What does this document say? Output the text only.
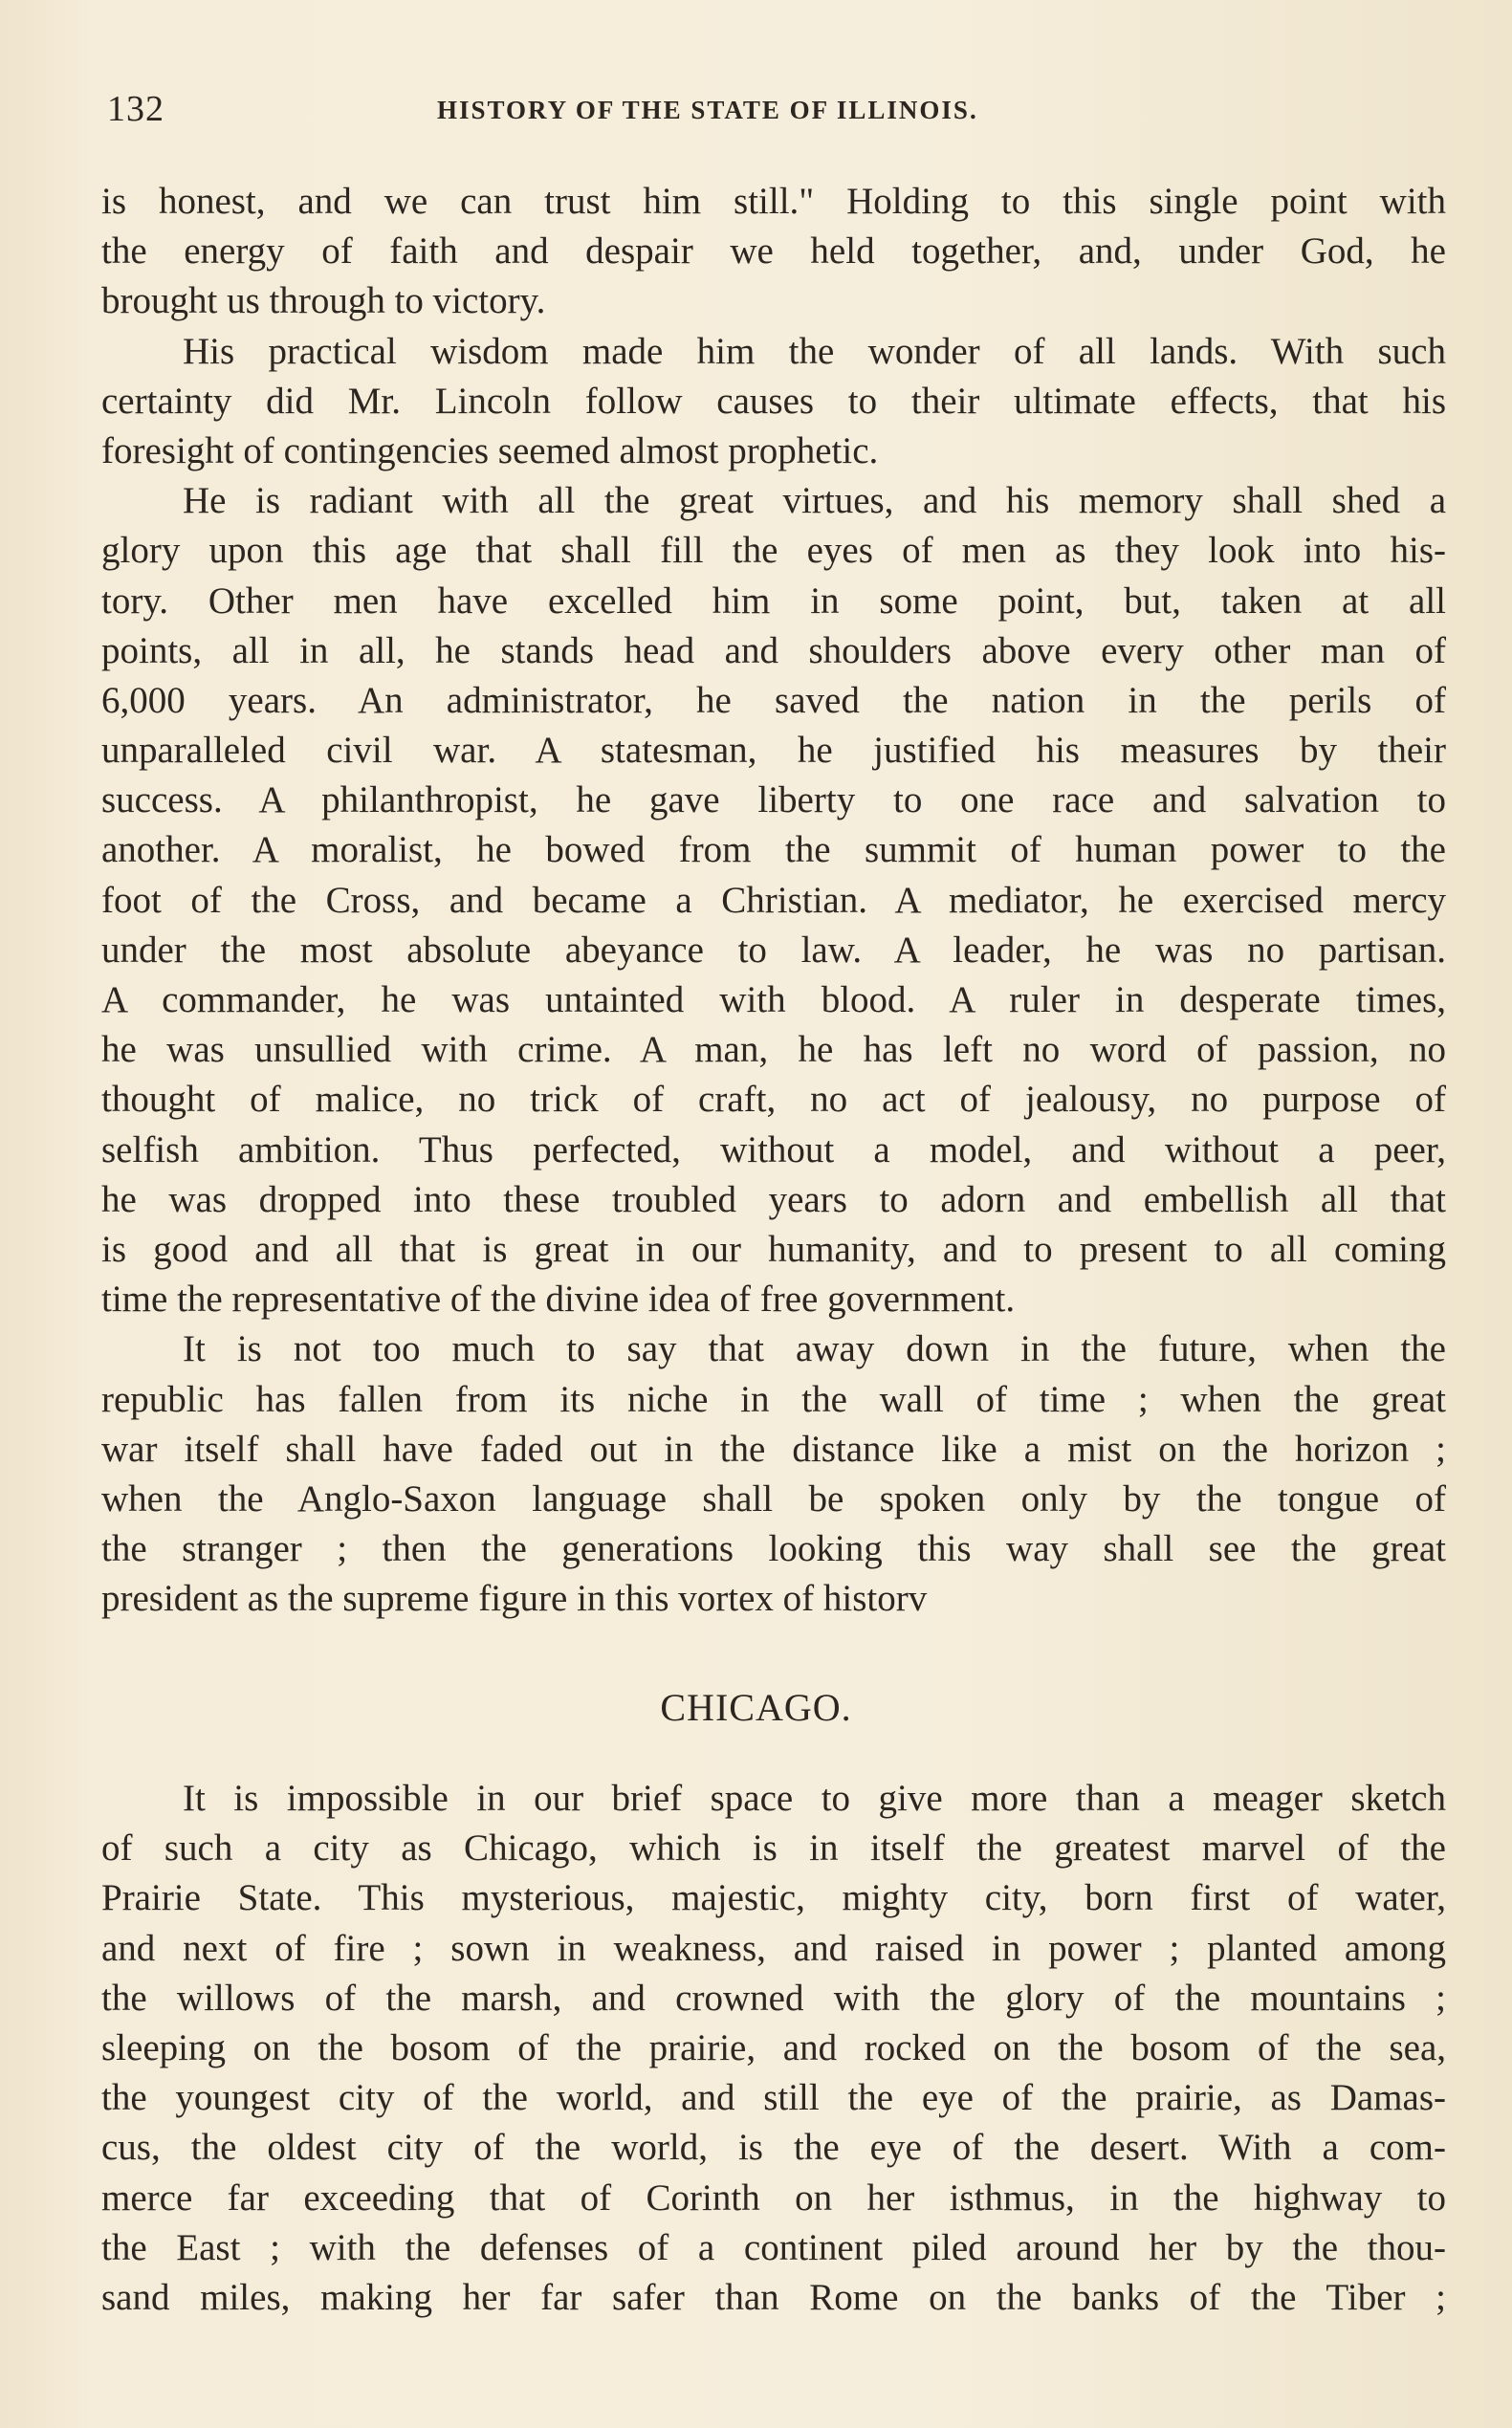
132	HISTORY OF THE STATE OF ILLINOIS.
is honest, and we can trust him still." Holding to this single point with
the energy of faith and despair we held together, and, under God, he
brought us through to victory.
His practical wisdom made him the wonder of all lands. With such
certainty did Mr. Lincoln follow causes to their ultimate effects, that his
foresight of contingencies seemed almost prophetic.
He is radiant with all the great virtues, and his memory shall shed a
glory upon this age that shall fill the eyes of men as they look into his-
tory. Other men have excelled him in some point, but, taken at all
points, all in all, he stands head and shoulders above every other man of
6,000 years. An administrator, he saved the nation in the perils of
unparalleled civil war. A statesman, he justified his measures by their
success. A philanthropist, he gave liberty to one race and salvation to
another. A moralist, he bowed from the summit of human power to the
foot of the Cross, and became a Christian. A mediator, he exercised mercy
under the most absolute abeyance to law. A leader, he was no partisan.
A commander, he was untainted with blood. A ruler in desperate times,
he was unsullied with crime. A man, he has left no word of passion, no
thought of malice, no trick of craft, no act of jealousy, no purpose of
selfish ambition. Thus perfected, without a model, and without a peer,
he was dropped into these troubled years to adorn and embellish all that
is good and all that is great in our humanity, and to present to all coming
time the representative of the divine idea of free government.
It is not too much to say that away down in the future, when the
republic has fallen from its niche in the wall of time ; when the great
war itself shall have faded out in the distance like a mist on the horizon ;
when the Anglo-Saxon language shall be spoken only by the tongue of
the stranger ; then the generations looking this way shall see the great
president as the supreme figure in this vortex of historv
CHICAGO.
It is impossible in our brief space to give more than a meager sketch
of such a city as Chicago, which is in itself the greatest marvel of the
Prairie State. This mysterious, majestic, mighty city, born first of water,
and next of fire ; sown in weakness, and raised in power ; planted among
the willows of the marsh, and crowned with the glory of the mountains ;
sleeping on the bosom of the prairie, and rocked on the bosom of the sea,
the youngest city of the world, and still the eye of the prairie, as Damas-
cus, the oldest city of the world, is the eye of the desert. With a com-
merce far exceeding that of Corinth on her isthmus, in the highway to
the East ; with the defenses of a continent piled around her by the thou-
sand miles, making her far safer than Rome on the banks of the Tiber ;
